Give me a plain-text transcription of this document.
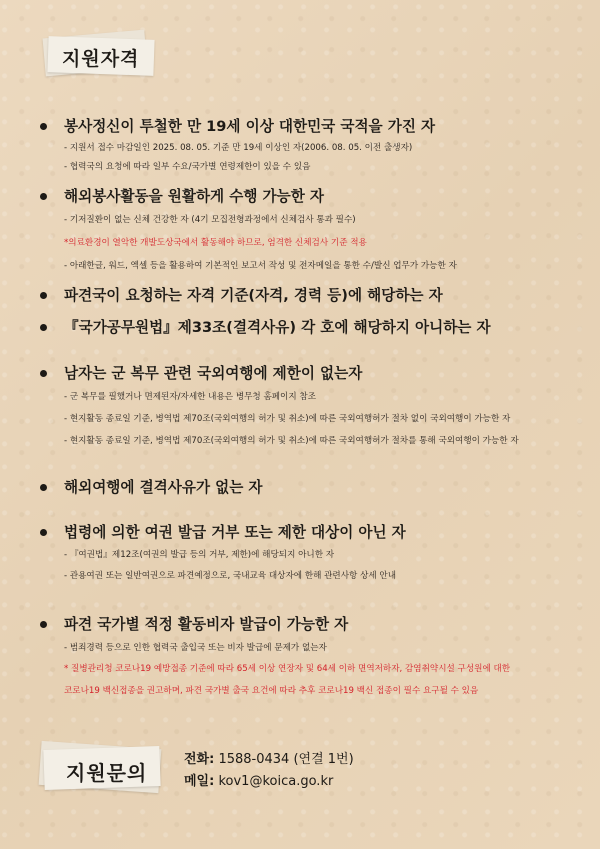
지원자격
봉사정신이 투철한 만 19세 이상 대한민국 국적을 가진 자
- 지원서 접수 마감일인 2025. 08. 05. 기준 만 19세 이상인 자(2006. 08. 05. 이전 출생자)
- 협력국의 요청에 따라 일부 수요/국가별 연령제한이 있을 수 있음
해외봉사활동을 원활하게 수행 가능한 자
- 기저질환이 없는 신체 건강한 자 (4기 모집전형과정에서 신체검사 통과 필수)
*의료환경이 열악한 개발도상국에서 활동해야 하므로, 엄격한 신체검사 기준 적용
- 아래한글, 워드, 엑셀 등을 활용하여 기본적인 보고서 작성 및 전자메일을 통한 수/발신 업무가 가능한 자
파견국이 요청하는 자격 기준(자격, 경력 등)에 해당하는 자
『국가공무원법』제33조(결격사유) 각 호에 해당하지 아니하는 자
남자는 군 복무 관련 국외여행에 제한이 없는자
- 군 복무를 필했거나 면제된자/자세한 내용은 병무청 홈페이지 참조
- 현지활동 종료일 기준, 병역법 제70조(국외여행의 허가 및 취소)에 따른 국외여행허가 절차 없이 국외여행이 가능한 자
- 현지활동 종료일 기준, 병역법 제70조(국외여행의 허가 및 취소)에 따른 국외여행허가 절차를 통해 국외여행이 가능한 자
해외여행에 결격사유가 없는 자
법령에 의한 여권 발급 거부 또는 제한 대상이 아닌 자
- 『여권법』제12조(여권의 발급 등의 거부, 제한)에 해당되지 아니한 자
- 관용여권 또는 일반여권으로 파견예정으로, 국내교육 대상자에 한해 관련사항 상세 안내
파견 국가별 적정 활동비자 발급이 가능한 자
- 범죄경력 등으로 인한 협력국 출입국 또는 비자 발급에 문제가 없는자
* 질병관리청 코로나19 예방접종 기준에 따라 65세 이상 연장자 및 64세 이하 면역저하자, 감염취약시설 구성원에 대한
코로나19 백신접종을 권고하며, 파견 국가별 출국 요건에 따라 추후 코로나19 백신 접종이 필수 요구될 수 있음
지원문의
전화: 1588-0434 (연결 1번)
메일: kov1@koica.go.kr
